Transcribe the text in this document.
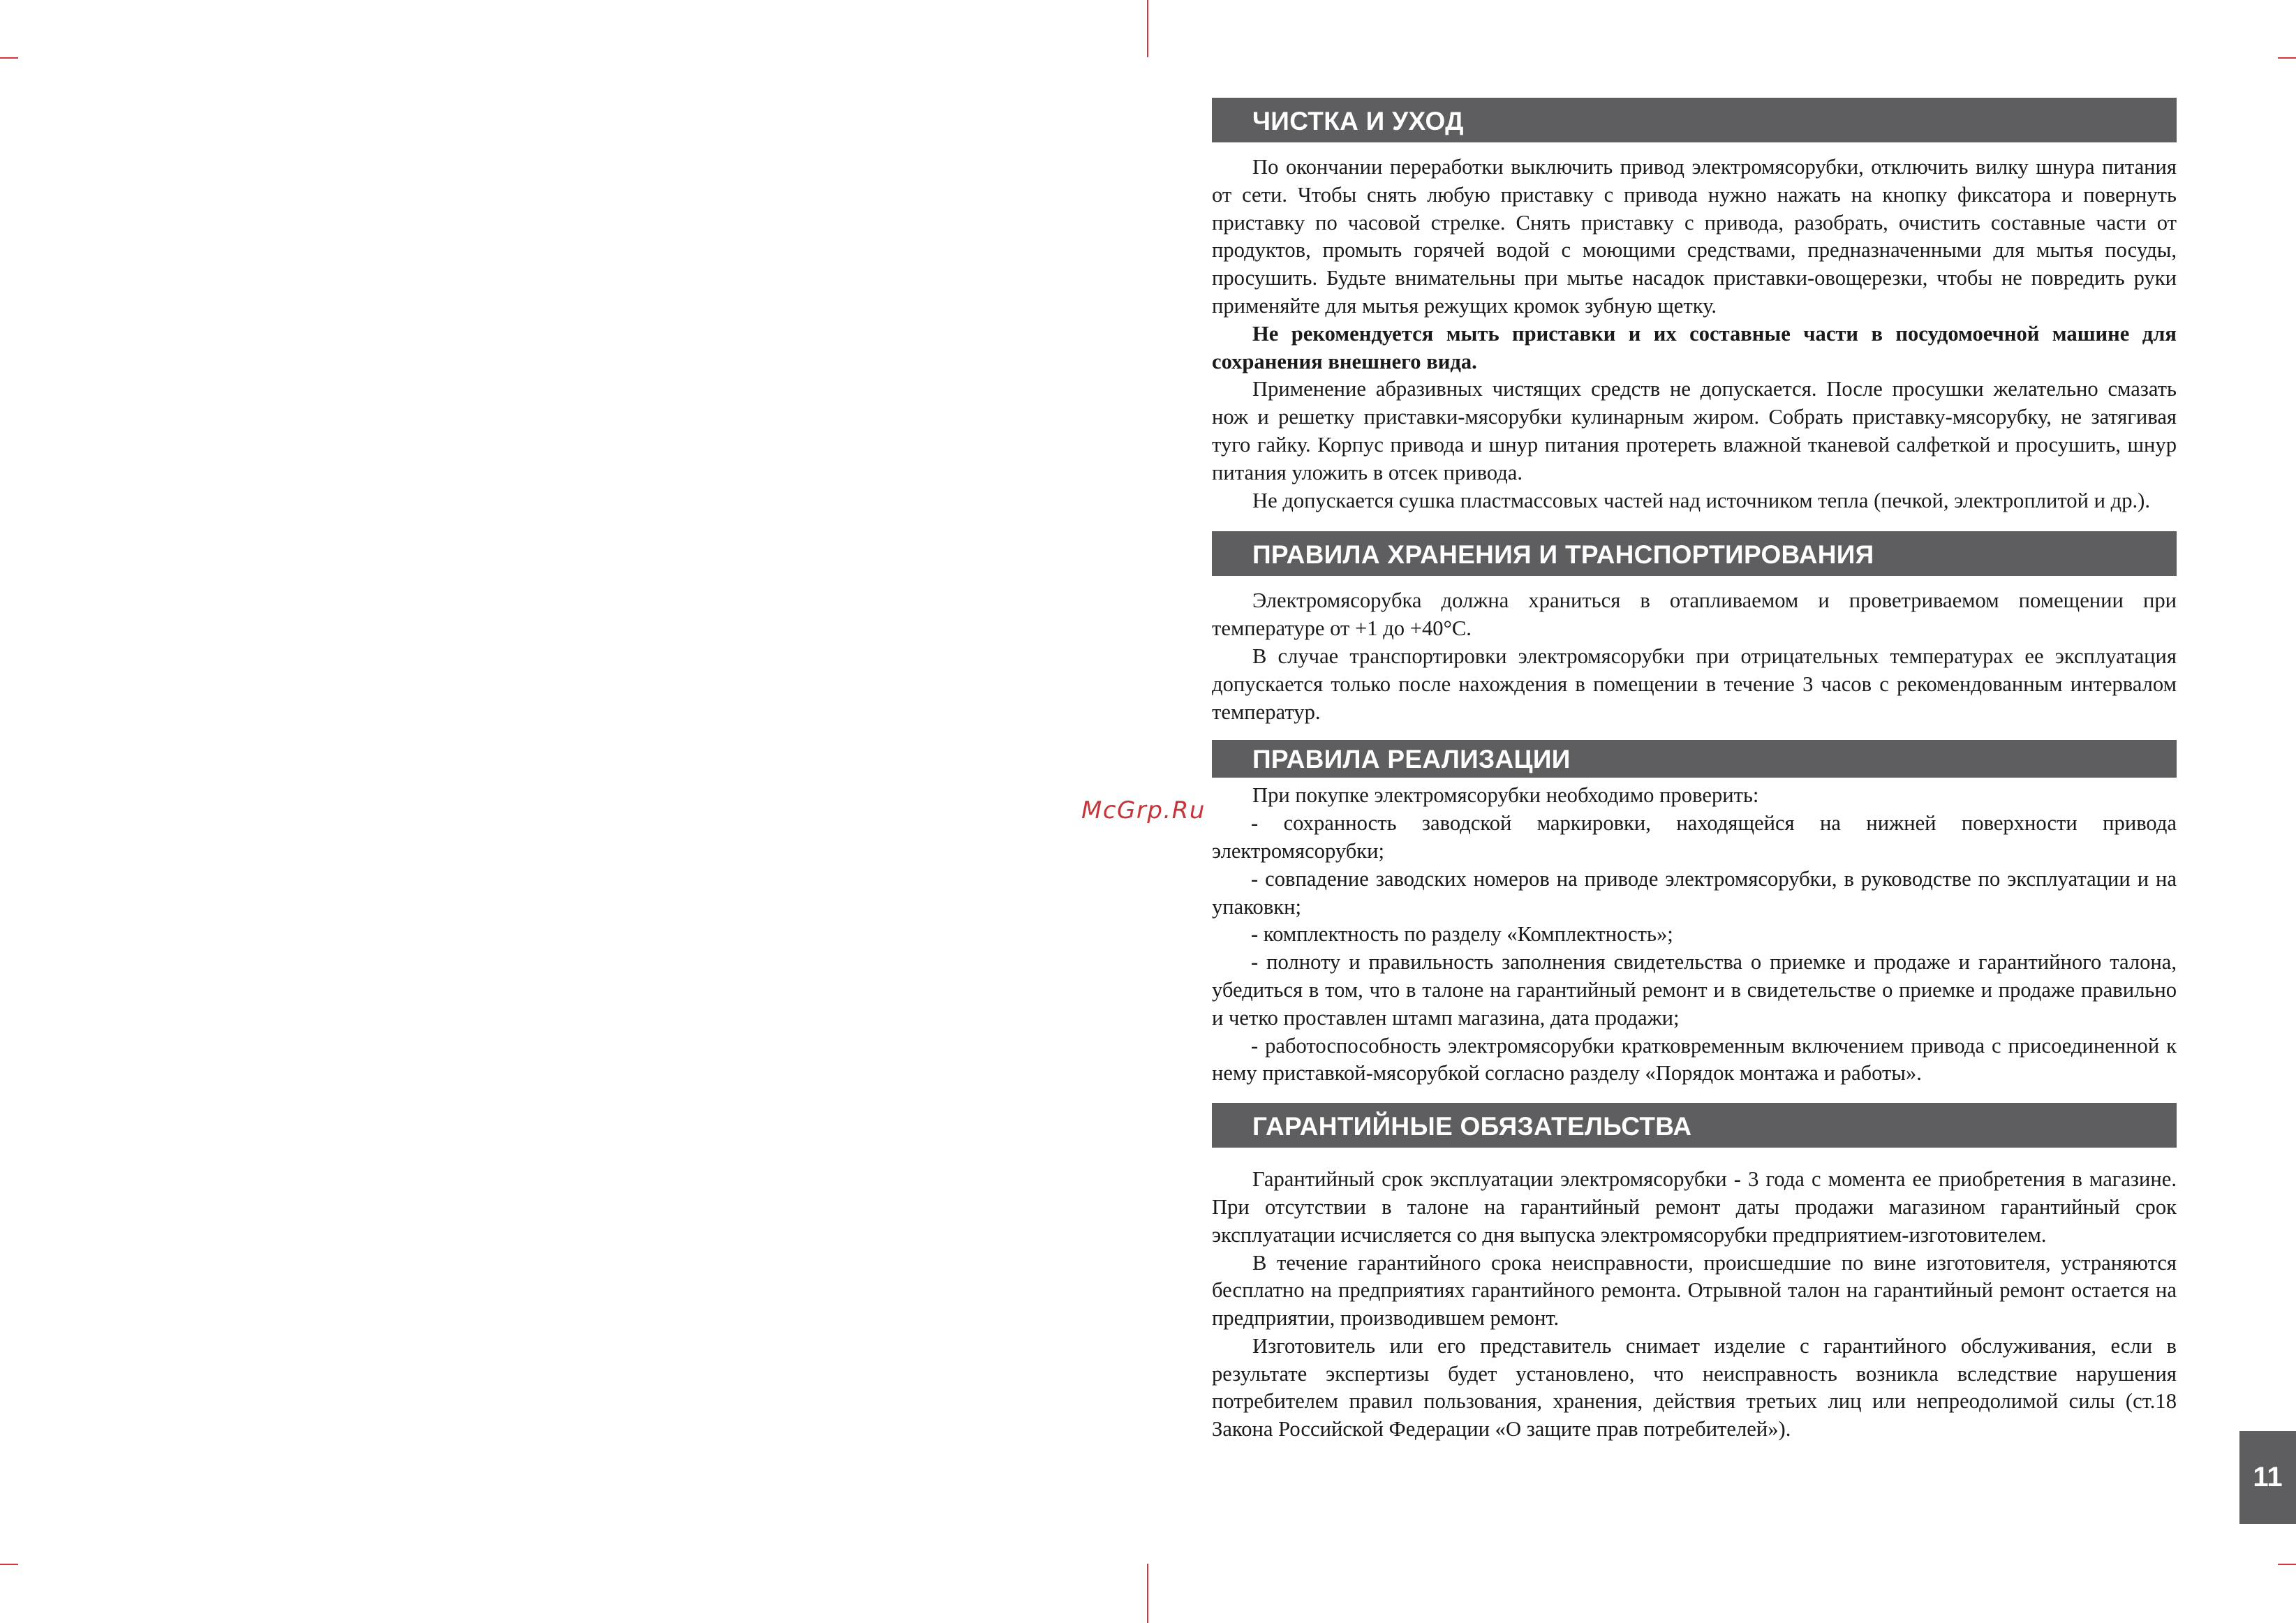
McGrp.Ru
ЧИСТКА И УХОД

По окончании переработки выключить привод электромясорубки, отключить вилку шнура питания от сети. Чтобы снять любую приставку с привода нужно нажать на кнопку фиксатора и повернуть приставку по часовой стрелке. Снять приставку с привода, разобрать, очистить составные части от продуктов, промыть горячей водой с моющими средствами, предназначенными для мытья посуды, просушить. Будьте внимательны при мытье насадок приставки-овощерезки, чтобы не повредить руки применяйте для мытья режущих кромок зубную щетку.

Не рекомендуется мыть приставки и их составные части в посудомоечной машине для сохранения внешнего вида.

Применение абразивных чистящих средств не допускается. После просушки желательно смазать нож и решетку приставки-мясорубки кулинарным жиром. Собрать приставку-мясорубку, не затягивая туго гайку. Корпус привода и шнур питания протереть влажной тканевой салфеткой и просушить, шнур питания уложить в отсек привода.

Не допускается сушка пластмассовых частей над источником тепла (печкой, электроплитой и др.).

ПРАВИЛА ХРАНЕНИЯ И ТРАНСПОРТИРОВАНИЯ

Электромясорубка должна храниться в отапливаемом и проветриваемом помещении при температуре от +1 до +40°C.

В случае транспортировки электромясорубки при отрицательных температурах ее эксплуатация допускается только после нахождения в помещении в течение 3 часов с рекомендованным интервалом температур.

ПРАВИЛА РЕАЛИЗАЦИИ

При покупке электромясорубки необходимо проверить:

- сохранность заводской маркировки, находящейся на нижней поверхности привода электромясорубки;

- совпадение заводских номеров на приводе электромясорубки, в руководстве по эксплуатации и на упаковкн;

- комплектность по разделу «Комплектность»;

- полноту и правильность заполнения свидетельства о приемке и продаже и гарантийного талона, убедиться в том, что в талоне на гарантийный ремонт и в свидетельстве о приемке и продаже правильно и четко проставлен штамп магазина, дата продажи;

- работоспособность электромясорубки кратковременным включением привода с присоединенной к нему приставкой-мясорубкой согласно разделу «Порядок монтажа и работы».

ГАРАНТИЙНЫЕ ОБЯЗАТЕЛЬСТВА

Гарантийный срок эксплуатации электромясорубки - 3 года с момента ее приобретения в магазине. При отсутствии в талоне на гарантийный ремонт даты продажи магазином гарантийный срок эксплуатации исчисляется со дня выпуска электромясорубки предприятием-изготовителем.

В течение гарантийного срока неисправности, происшедшие по вине изготовителя, устраняются бесплатно на предприятиях гарантийного ремонта. Отрывной талон на гарантийный ремонт остается на предприятии, производившем ремонт.

Изготовитель или его представитель снимает изделие с гарантийного обслуживания, если в результате экспертизы будет установлено, что неисправность возникла вследствие нарушения потребителем правил пользования, хранения, действия третьих лиц или непреодолимой силы (ст.18 Закона Российской Федерации «О защите прав потребителей»).

11
